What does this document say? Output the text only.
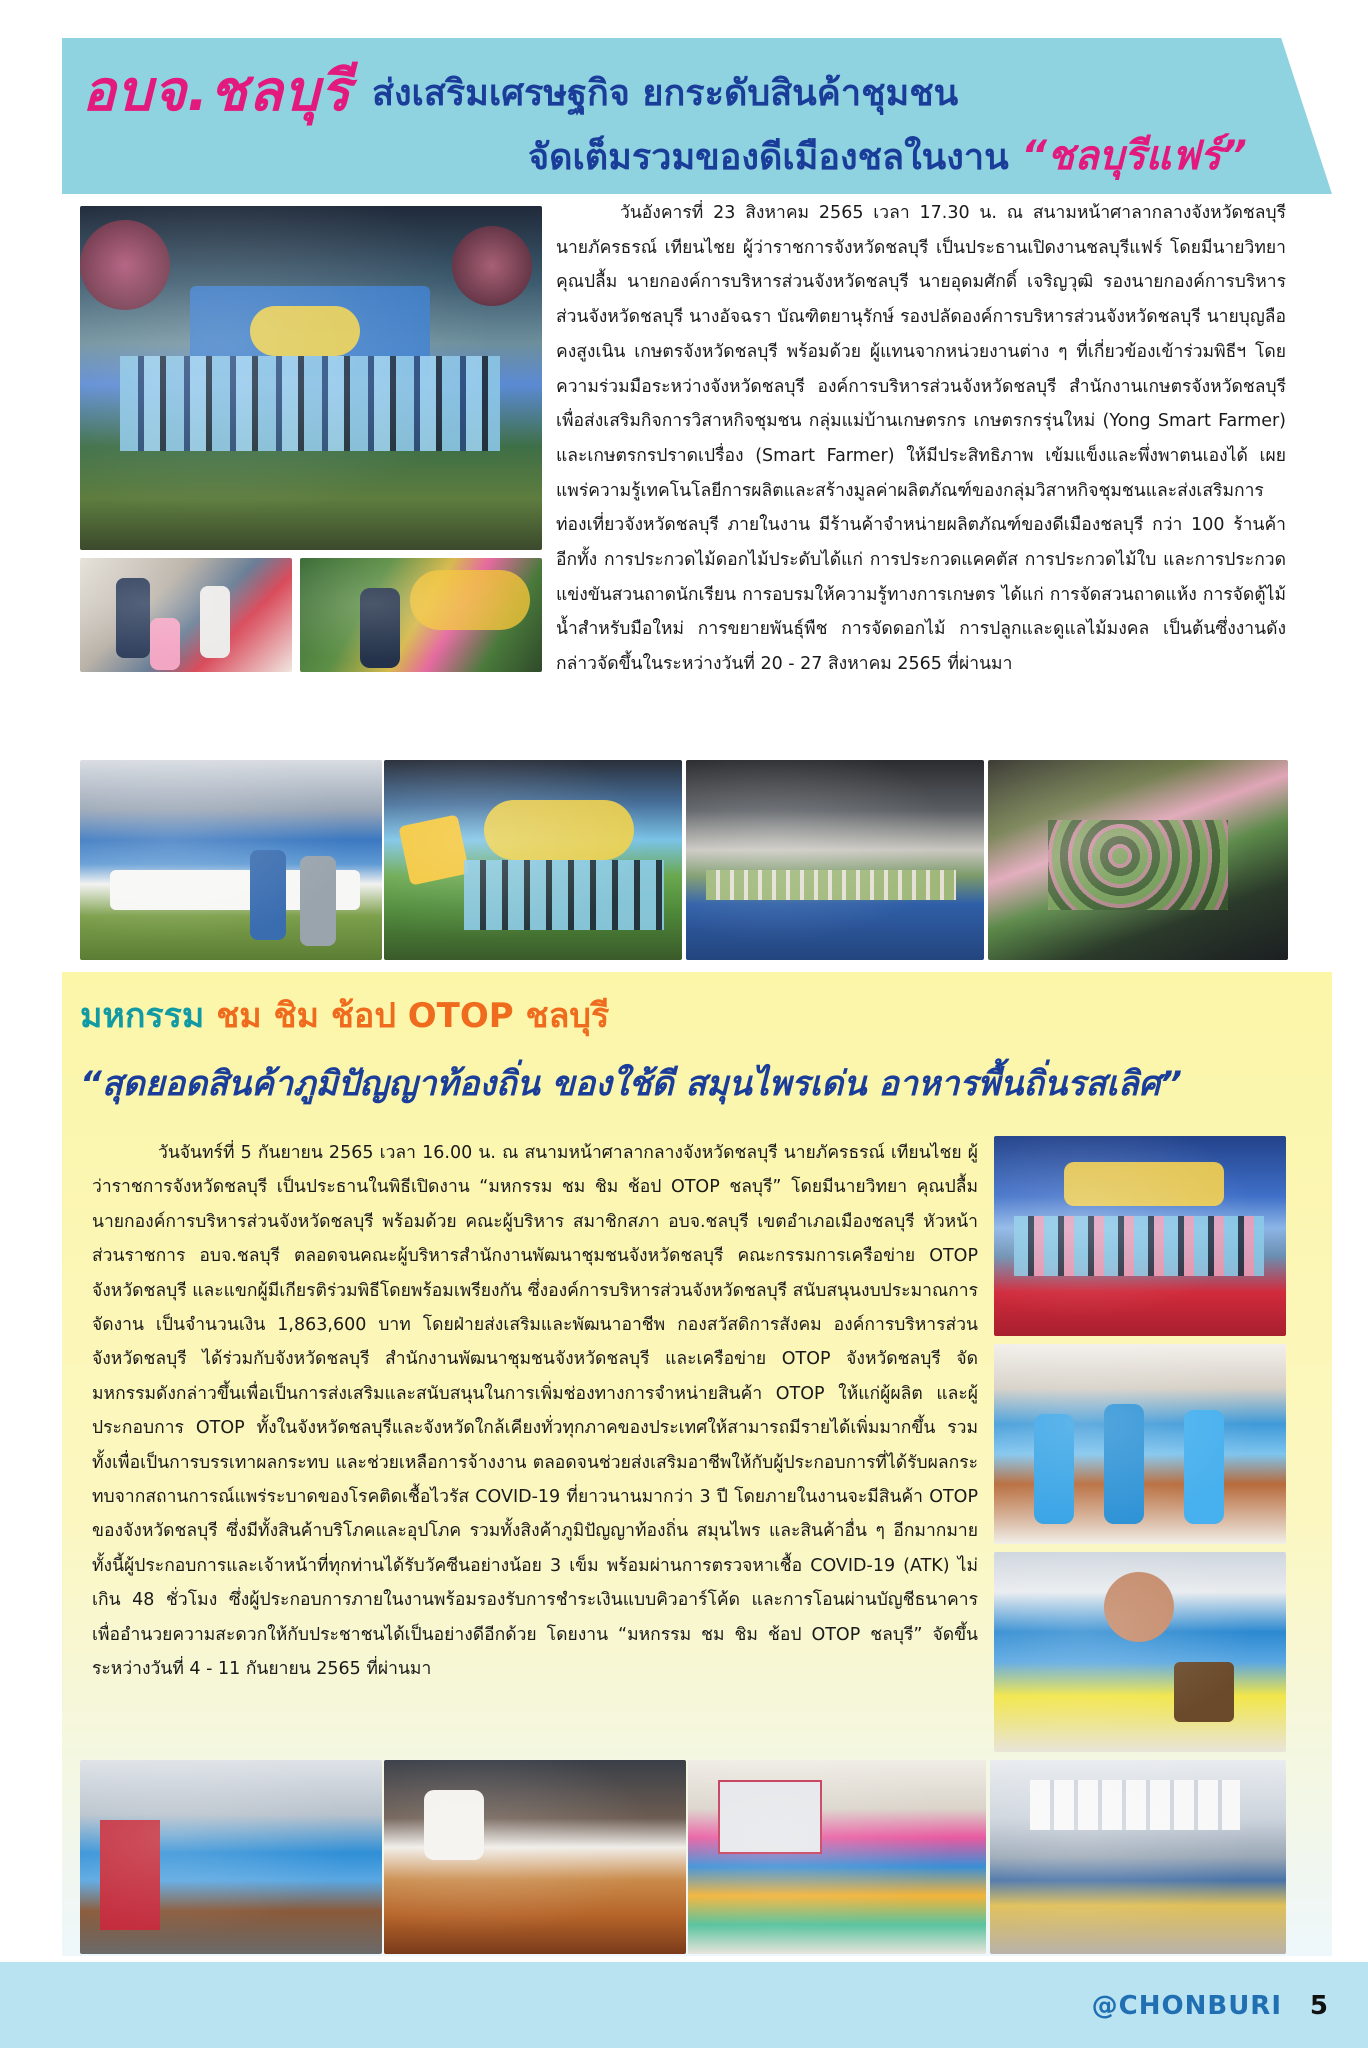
อบจ.ชลบุรี ส่งเสริมเศรษฐกิจ ยกระดับสินค้าชุมชน
จัดเต็มรวมของดีเมืองชลในงาน “ชลบุรีแฟร์”
วันอังคารที่ 23 สิงหาคม 2565 เวลา 17.30 น. ณ สนามหน้าศาลากลางจังหวัดชลบุรี นายภัครธรณ์ เทียนไชย ผู้ว่าราชการจังหวัดชลบุรี เป็นประธานเปิดงานชลบุรีแฟร์ โดยมีนายวิทยา คุณปลื้ม นายกองค์การบริหารส่วนจังหวัดชลบุรี นายอุดมศักดิ์ เจริญวุฒิ รองนายกองค์การบริหารส่วนจังหวัดชลบุรี นางอัจฉรา บัณฑิตยานุรักษ์ รองปลัดองค์การบริหารส่วนจังหวัดชลบุรี นายบุญลือ คงสูงเนิน เกษตรจังหวัดชลบุรี พร้อมด้วย ผู้แทนจากหน่วยงานต่าง ๆ ที่เกี่ยวข้องเข้าร่วมพิธีฯ โดยความร่วมมือระหว่างจังหวัดชลบุรี องค์การบริหารส่วนจังหวัดชลบุรี สำนักงานเกษตรจังหวัดชลบุรีเพื่อส่งเสริมกิจการวิสาหกิจชุมชน กลุ่มแม่บ้านเกษตรกร เกษตรกรรุ่นใหม่ (Yong Smart Farmer) และเกษตรกรปราดเปรื่อง (Smart Farmer) ให้มีประสิทธิภาพ เข้มแข็งและพึ่งพาตนเองได้ เผยแพร่ความรู้เทคโนโลยีการผลิตและสร้างมูลค่าผลิตภัณฑ์ของกลุ่มวิสาหกิจชุมชนและส่งเสริมการท่องเที่ยวจังหวัดชลบุรี ภายในงาน มีร้านค้าจำหน่ายผลิตภัณฑ์ของดีเมืองชลบุรี กว่า 100 ร้านค้า อีกทั้ง การประกวดไม้ดอกไม้ประดับได้แก่ การประกวดแคคตัส การประกวดไม้ใบ และการประกวดแข่งขันสวนถาดนักเรียน การอบรมให้ความรู้ทางการเกษตร ได้แก่ การจัดสวนถาดแห้ง การจัดตู้ไม้น้ำสำหรับมือใหม่ การขยายพันธุ์พืช การจัดดอกไม้ การปลูกและดูแลไม้มงคล เป็นต้นซึ่งงานดังกล่าวจัดขึ้นในระหว่างวันที่ 20 - 27 สิงหาคม 2565 ที่ผ่านมา
มหกรรม ชม ชิม ช้อป OTOP ชลบุรี
“สุดยอดสินค้าภูมิปัญญาท้องถิ่น ของใช้ดี สมุนไพรเด่น อาหารพื้นถิ่นรสเลิศ”
วันจันทร์ที่ 5 กันยายน 2565 เวลา 16.00 น. ณ สนามหน้าศาลากลางจังหวัดชลบุรี นายภัครธรณ์ เทียนไชย ผู้ว่าราชการจังหวัดชลบุรี เป็นประธานในพิธีเปิดงาน “มหกรรม ชม ชิม ช้อป OTOP ชลบุรี” โดยมีนายวิทยา คุณปลื้ม นายกองค์การบริหารส่วนจังหวัดชลบุรี พร้อมด้วย คณะผู้บริหาร สมาชิกสภา อบจ.ชลบุรี เขตอำเภอเมืองชลบุรี หัวหน้าส่วนราชการ อบจ.ชลบุรี ตลอดจนคณะผู้บริหารสำนักงานพัฒนาชุมชนจังหวัดชลบุรี คณะกรรมการเครือข่าย OTOP จังหวัดชลบุรี และแขกผู้มีเกียรติร่วมพิธีโดยพร้อมเพรียงกัน ซึ่งองค์การบริหารส่วนจังหวัดชลบุรี สนับสนุนงบประมาณการจัดงาน เป็นจำนวนเงิน 1,863,600 บาท โดยฝ่ายส่งเสริมและพัฒนาอาชีพ กองสวัสดิการสังคม องค์การบริหารส่วนจังหวัดชลบุรี ได้ร่วมกับจังหวัดชลบุรี สำนักงานพัฒนาชุมชนจังหวัดชลบุรี และเครือข่าย OTOP จังหวัดชลบุรี จัดมหกรรมดังกล่าวขึ้นเพื่อเป็นการส่งเสริมและสนับสนุนในการเพิ่มช่องทางการจำหน่ายสินค้า OTOP ให้แก่ผู้ผลิต และผู้ประกอบการ OTOP ทั้งในจังหวัดชลบุรีและจังหวัดใกล้เคียงทั่วทุกภาคของประเทศให้สามารถมีรายได้เพิ่มมากขึ้น รวมทั้งเพื่อเป็นการบรรเทาผลกระทบ และช่วยเหลือการจ้างงาน ตลอดจนช่วยส่งเสริมอาชีพให้กับผู้ประกอบการที่ได้รับผลกระทบจากสถานการณ์แพร่ระบาดของโรคติดเชื้อไวรัส COVID-19 ที่ยาวนานมากว่า 3 ปี โดยภายในงานจะมีสินค้า OTOP ของจังหวัดชลบุรี ซึ่งมีทั้งสินค้าบริโภคและอุปโภค รวมทั้งสิงค้าภูมิปัญญาท้องถิ่น สมุนไพร และสินค้าอื่น ๆ อีกมากมาย ทั้งนี้ผู้ประกอบการและเจ้าหน้าที่ทุกท่านได้รับวัคซีนอย่างน้อย 3 เข็ม พร้อมผ่านการตรวจหาเชื้อ COVID-19 (ATK) ไม่เกิน 48 ชั่วโมง ซึ่งผู้ประกอบการภายในงานพร้อมรองรับการชำระเงินแบบคิวอาร์โค้ด และการโอนผ่านบัญชีธนาคาร เพื่ออำนวยความสะดวกให้กับประชาชนได้เป็นอย่างดีอีกด้วย โดยงาน “มหกรรม ชม ชิม ช้อป OTOP ชลบุรี” จัดขึ้นระหว่างวันที่ 4 - 11 กันยายน 2565 ที่ผ่านมา
@CHONBURI 5
